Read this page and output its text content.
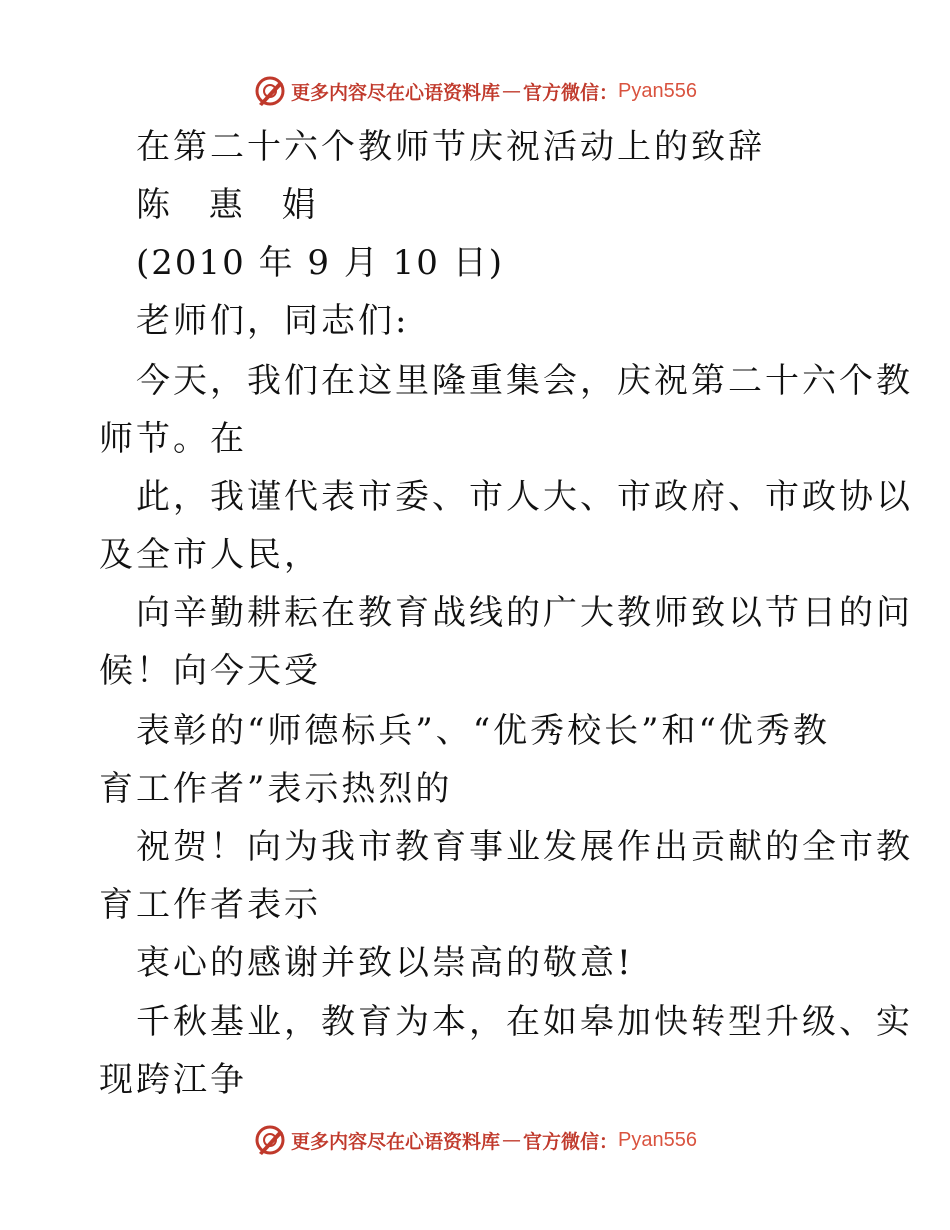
更多内容尽在心语资料库 — 官方微信： Pyan556
在第二十六个教师节庆祝活动上的致辞
陈 惠 娟
(2010 年 9 月 10 日)
老师们，同志们:
今天，我们在这里隆重集会，庆祝第二十六个教
师节。在
此，我谨代表市委、市人大、市政府、市政协以
及全市人民，
向辛勤耕耘在教育战线的广大教师致以节日的问
候！向今天受
表彰的“师德标兵”、“优秀校长”和“优秀教
育工作者”表示热烈的
祝贺！向为我市教育事业发展作出贡献的全市教
育工作者表示
衷心的感谢并致以崇高的敬意!
千秋基业，教育为本，在如皋加快转型升级、实
现跨江争
更多内容尽在心语资料库 — 官方微信： Pyan556
